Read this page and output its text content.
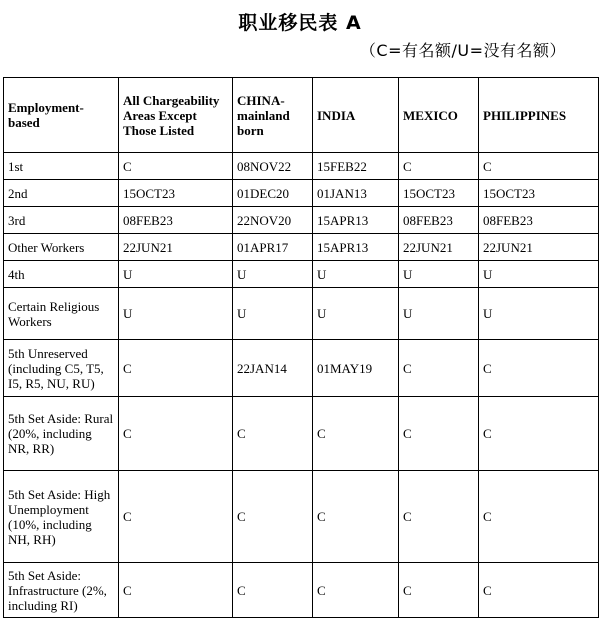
职业移民表 A
（C=有名额/U=没有名额）
Employment-based	All Chargeability Areas Except Those Listed	CHINA-mainland born	INDIA	MEXICO	PHILIPPINES
1st	C	08NOV22	15FEB22	C	C
2nd	15OCT23	01DEC20	01JAN13	15OCT23	15OCT23
3rd	08FEB23	22NOV20	15APR13	08FEB23	08FEB23
Other Workers	22JUN21	01APR17	15APR13	22JUN21	22JUN21
4th	U	U	U	U	U
Certain Religious Workers	U	U	U	U	U
5th Unreserved (including C5, T5, I5, R5, NU, RU)	C	22JAN14	01MAY19	C	C
5th Set Aside: Rural (20%, including NR, RR)	C	C	C	C	C
5th Set Aside: High Unemployment (10%, including NH, RH)	C	C	C	C	C
5th Set Aside: Infrastructure (2%, including RI)	C	C	C	C	C
